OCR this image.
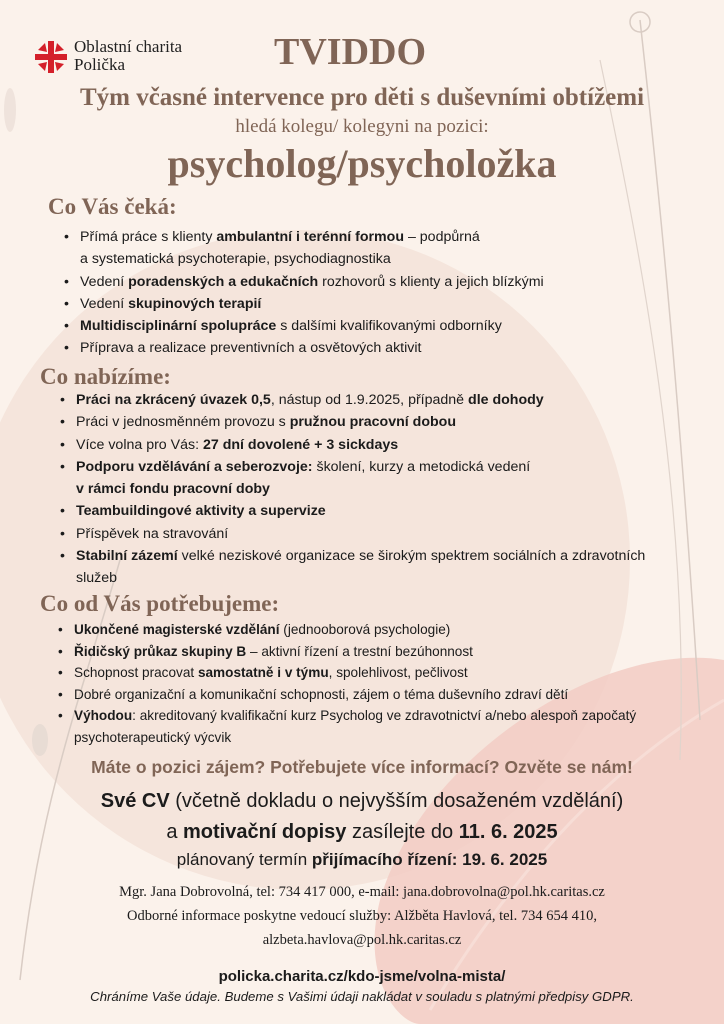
Oblastní charita
Polička	TVIDDO
Tým včasné intervence pro děti s duševními obtížemi
hledá kolegu/ kolegyni na pozici:
psycholog/psycholožka
Co Vás čeká:
• Přímá práce s klienty ambulantní i terénní formou – podpůrná
a systematická psychoterapie, psychodiagnostika
• Vedení poradenských a edukačních rozhovorů s klienty a jejich blízkými
• Vedení skupinových terapií
• Multidisciplinární spolupráce s dalšími kvalifikovanými odborníky
• Příprava a realizace preventivních a osvětových aktivit
Co nabízíme:
• Práci na zkrácený úvazek 0,5, nástup od 1.9.2025, případně dle dohody
• Práci v jednosměnném provozu s pružnou pracovní dobou
• Více volna pro Vás: 27 dní dovolené + 3 sickdays
• Podporu vzdělávání a seberozvoje: školení, kurzy a metodická vedení
v rámci fondu pracovní doby
• Teambuildingové aktivity a supervize
• Příspěvek na stravování
• Stabilní zázemí velké neziskové organizace se širokým spektrem sociálních a zdravotních služeb
Co od Vás potřebujeme:
• Ukončené magisterské vzdělání (jednooborová psychologie)
• Řidičský průkaz skupiny B – aktivní řízení a trestní bezúhonnost
• Schopnost pracovat samostatně i v týmu, spolehlivost, pečlivost
• Dobré organizační a komunikační schopnosti, zájem o téma duševního zdraví dětí
• Výhodou: akreditovaný kvalifikační kurz Psycholog ve zdravotnictví a/nebo alespoň započatý psychoterapeutický výcvik
Máte o pozici zájem? Potřebujete více informací? Ozvěte se nám!
Své CV (včetně dokladu o nejvyšším dosaženém vzdělání)
a motivační dopisy zasílejte do 11. 6. 2025
plánovaný termín přijímacího řízení: 19. 6. 2025
Mgr. Jana Dobrovolná, tel: 734 417 000, e-mail: jana.dobrovolna@pol.hk.caritas.cz
Odborné informace poskytne vedoucí služby: Alžběta Havlová, tel. 734 654 410,
alzbeta.havlova@pol.hk.caritas.cz
policka.charita.cz/kdo-jsme/volna-mista/
Chráníme Vaše údaje. Budeme s Vašimi údaji nakládat v souladu s platnými předpisy GDPR.
